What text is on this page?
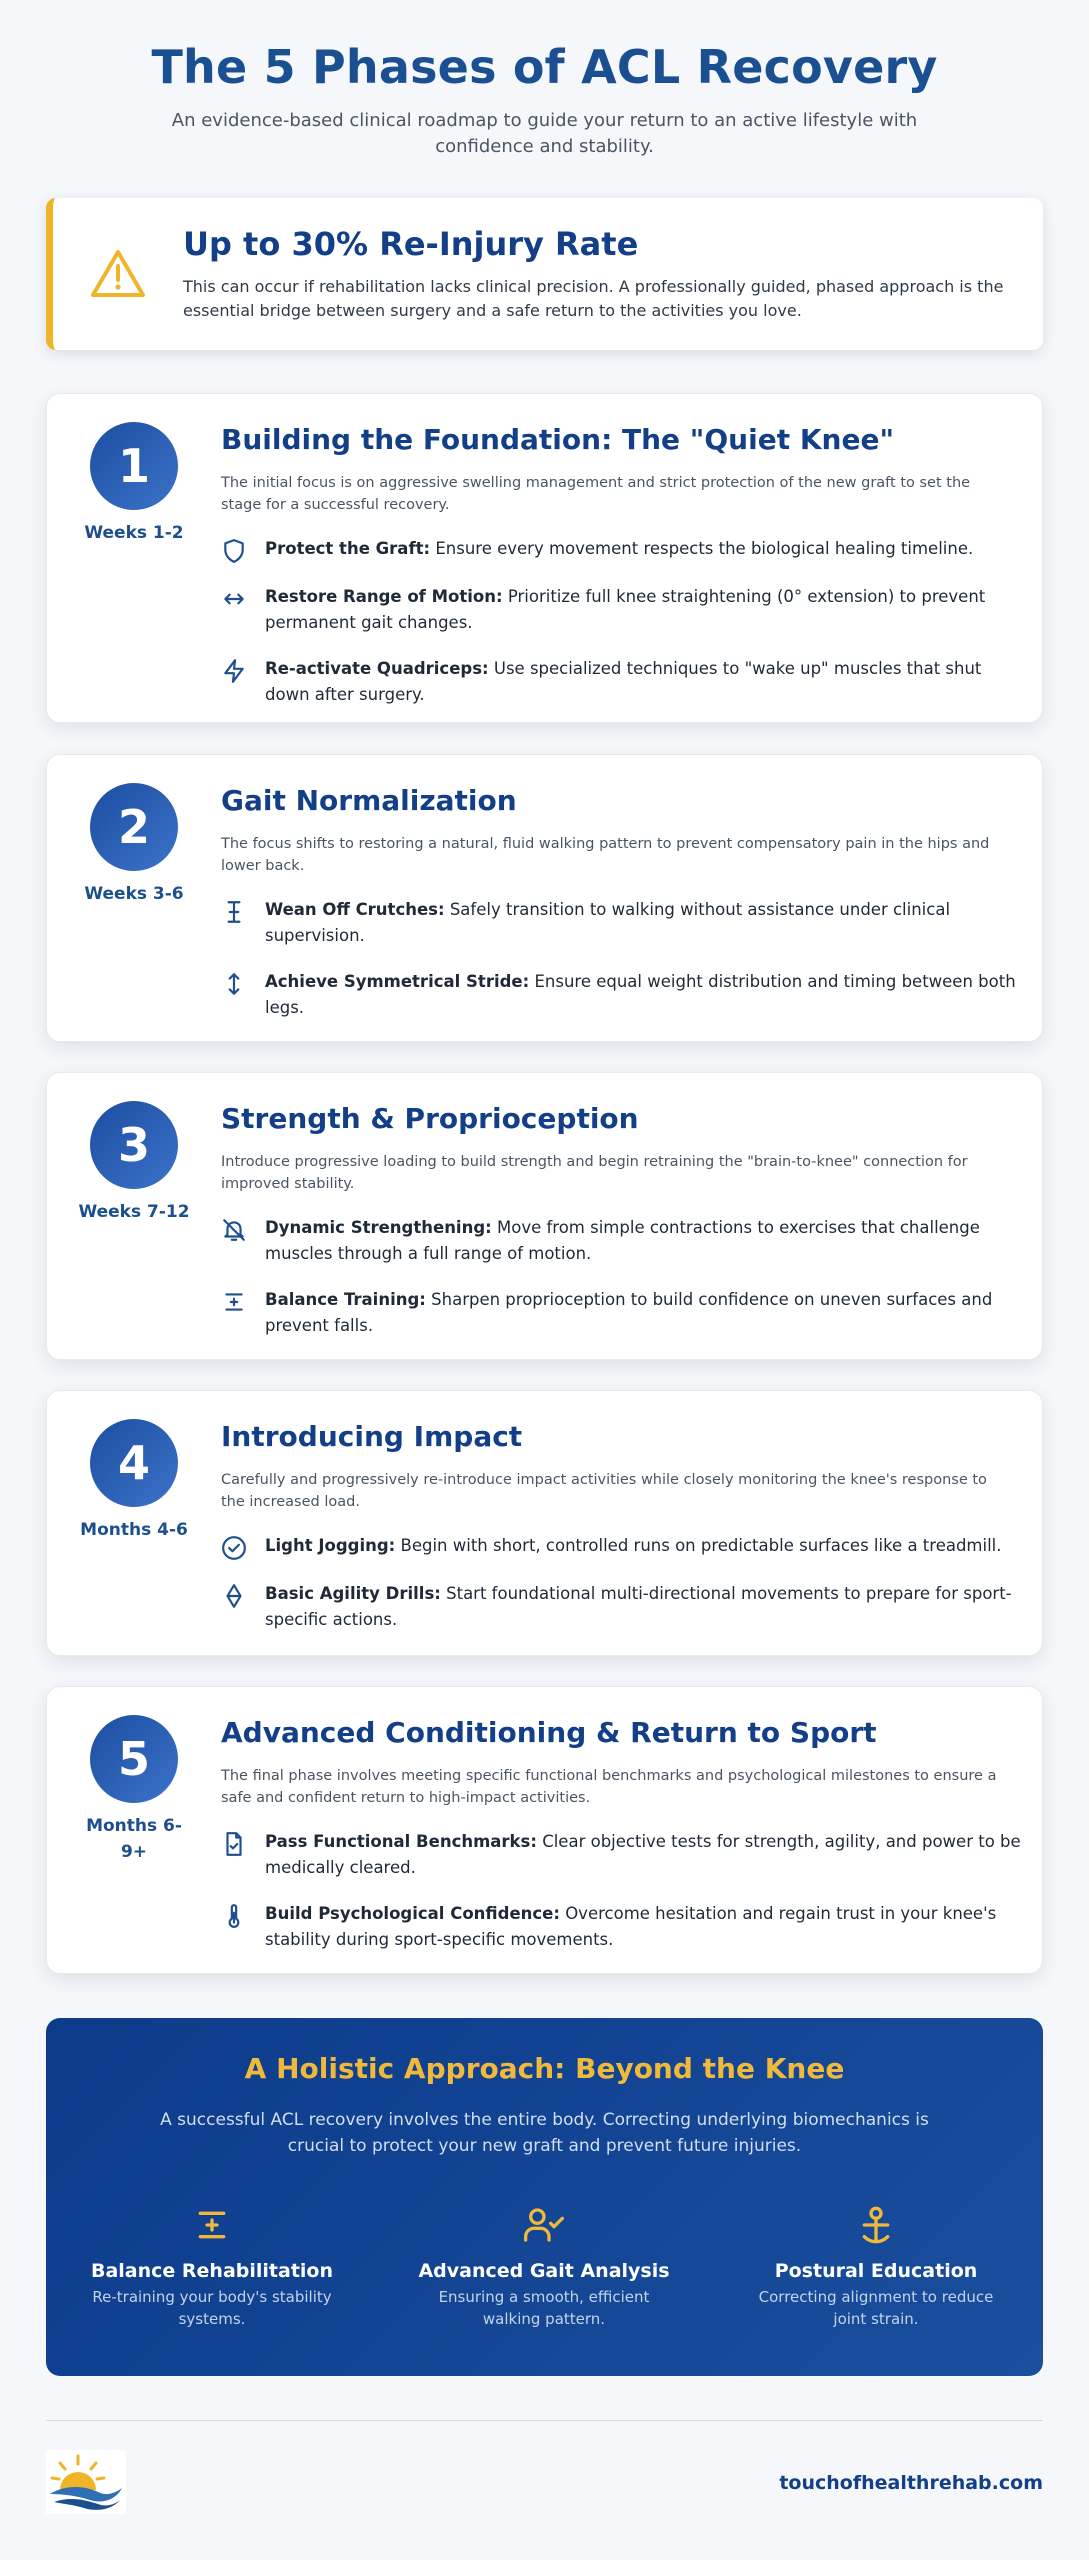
The 5 Phases of ACL Recovery

An evidence-based clinical roadmap to guide your return to an active lifestyle with confidence and stability.

Up to 30% Re-Injury Rate

This can occur if rehabilitation lacks clinical precision. A professionally guided, phased approach is the essential bridge between surgery and a safe return to the activities you love.

1
Weeks 1-2
Building the Foundation: The "Quiet Knee"

The initial focus is on aggressive swelling management and strict protection of the new graft to set the stage for a successful recovery.

Protect the Graft: Ensure every movement respects the biological healing timeline.
Restore Range of Motion: Prioritize full knee straightening (0° extension) to prevent permanent gait changes.
Re-activate Quadriceps: Use specialized techniques to "wake up" muscles that shut down after surgery.
2
Weeks 3-6
Gait Normalization

The focus shifts to restoring a natural, fluid walking pattern to prevent compensatory pain in the hips and lower back.

Wean Off Crutches: Safely transition to walking without assistance under clinical supervision.
Achieve Symmetrical Stride: Ensure equal weight distribution and timing between both legs.
3
Weeks 7-12
Strength & Proprioception

Introduce progressive loading to build strength and begin retraining the "brain-to-knee" connection for improved stability.

Dynamic Strengthening: Move from simple contractions to exercises that challenge muscles through a full range of motion.
Balance Training: Sharpen proprioception to build confidence on uneven surfaces and prevent falls.
4
Months 4-6
Introducing Impact

Carefully and progressively re-introduce impact activities while closely monitoring the knee's response to the increased load.

Light Jogging: Begin with short, controlled runs on predictable surfaces like a treadmill.
Basic Agility Drills: Start foundational multi-directional movements to prepare for sport-specific actions.
5
Months 6-9+
Advanced Conditioning & Return to Sport

The final phase involves meeting specific functional benchmarks and psychological milestones to ensure a safe and confident return to high-impact activities.

Pass Functional Benchmarks: Clear objective tests for strength, agility, and power to be medically cleared.
Build Psychological Confidence: Overcome hesitation and regain trust in your knee's stability during sport-specific movements.
A Holistic Approach: Beyond the Knee

A successful ACL recovery involves the entire body. Correcting underlying biomechanics is crucial to protect your new graft and prevent future injuries.

Balance Rehabilitation
Re-training your body's stability systems.
Advanced Gait Analysis
Ensuring a smooth, efficient walking pattern.
Postural Education
Correcting alignment to reduce joint strain.
touchofhealthrehab.com
